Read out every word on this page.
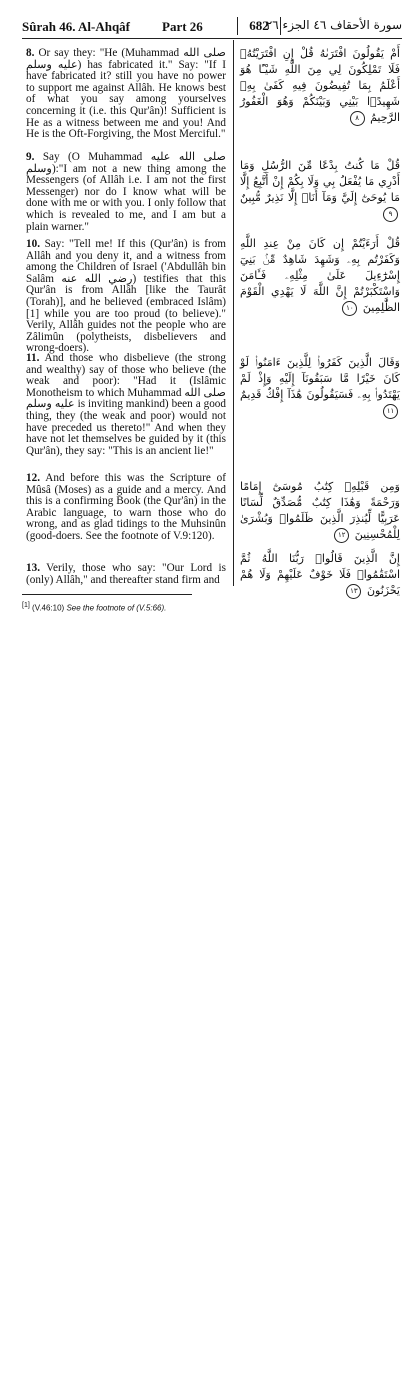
Sûrah 46. Al-Ahqâf Part 26	682
سورة الأحقاف ٤٦ الجزء ٢٦
8. Or say they: "He (Muhammad صلى الله عليه وسلم) has fabricated it." Say: "If I have fabricated it? still you have no power to support me against Allâh. He knows best of what you say among yourselves concerning it (i.e. this Qur'ân)! Sufficient is He as a witness between me and you! And He is the Oft-Forgiving, the Most Merciful."
أَمْ يَقُولُونَ افْتَرَىٰهُ قُلْ إِنِ افْتَرَيْتُهُۥ فَلَا تَمْلِكُونَ لِي مِنَ اللَّهِ شَيْـًٔا هُوَ أَعْلَمُ بِمَا تُفِيضُونَ فِيهِ كَفَىٰ بِهِۦ شَهِيدًۢا بَيْنِي وَبَيْنَكُمْ وَهُوَ الْغَفُورُ الرَّحِيمُ ٨
9. Say (O Muhammad صلى الله عليه وسلم):"I am not a new thing among the Messengers (of Allâh i.e. I am not the first Messenger) nor do I know what will be done with me or with you. I only follow that which is revealed to me, and I am but a plain warner."
قُلْ مَا كُنتُ بِدْعًا مِّنَ الرُّسُلِ وَمَا أَدْرِي مَا يُفْعَلُ بِي وَلَا بِكُمْ إِنْ أَتَّبِعُ إِلَّا مَا يُوحَىٰٓ إِلَيَّ وَمَآ أَنَا۠ إِلَّا نَذِيرٌ مُّبِينٌ ٩
10. Say: "Tell me! If this (Qur'ân) is from Allâh and you deny it, and a witness from among the Children of Israel ('Abdullâh bin Salâm رضي الله عنه) testifies that this Qur'ân is from Allâh [like the Taurât (Torah)], and he believed (embraced Islâm)[1] while you are too proud (to believe)." Verily, Allâh guides not the people who are Zâlimûn (polytheists, disbelievers and wrong-doers).
قُلْ أَرَءَيْتُمْ إِن كَانَ مِنْ عِندِ اللَّهِ وَكَفَرْتُم بِهِۦ وَشَهِدَ شَاهِدٌ مِّنۢ بَنِيٓ إِسْرَٰٓءِيلَ عَلَىٰ مِثْلِهِۦ فَـَٔامَنَ وَاسْتَكْبَرْتُمْ إِنَّ اللَّهَ لَا يَهْدِي الْقَوْمَ الظَّٰلِمِينَ ١٠
11. And those who disbelieve (the strong and wealthy) say of those who believe (the weak and poor): "Had it (Islâmic Monotheism to which Muhammad صلى الله عليه وسلم is inviting mankind) been a good thing, they (the weak and poor) would not have preceded us thereto!" And when they have not let themselves be guided by it (this Qur'ân), they say: "This is an ancient lie!"
وَقَالَ الَّذِينَ كَفَرُوا۟ لِلَّذِينَ ءَامَنُوا۟ لَوْ كَانَ خَيْرًا مَّا سَبَقُونَآ إِلَيْهِ وَإِذْ لَمْ يَهْتَدُوا۟ بِهِۦ فَسَيَقُولُونَ هَٰذَآ إِفْكٌ قَدِيمٌ ١١
12. And before this was the Scripture of Mûsâ (Moses) as a guide and a mercy. And this is a confirming Book (the Qur'ân) in the Arabic language, to warn those who do wrong, and as glad tidings to the Muhsinûn (good-doers. See the footnote of V.9:120).
وَمِن قَبْلِهِۦ كِتَٰبُ مُوسَىٰٓ إِمَامًا وَرَحْمَةً وَهَٰذَا كِتَٰبٌ مُّصَدِّقٌ لِّسَانًا عَرَبِيًّا لِّيُنذِرَ الَّذِينَ ظَلَمُوا۟ وَبُشْرَىٰ لِلْمُحْسِنِينَ ١٢
13. Verily, those who say: "Our Lord is (only) Allâh," and thereafter stand firm and
إِنَّ الَّذِينَ قَالُوا۟ رَبُّنَا اللَّهُ ثُمَّ اسْتَقَٰمُوا۟ فَلَا خَوْفٌ عَلَيْهِمْ وَلَا هُمْ يَحْزَنُونَ ١٣
[1] (V.46:10) See the footnote of (V.5:66).
